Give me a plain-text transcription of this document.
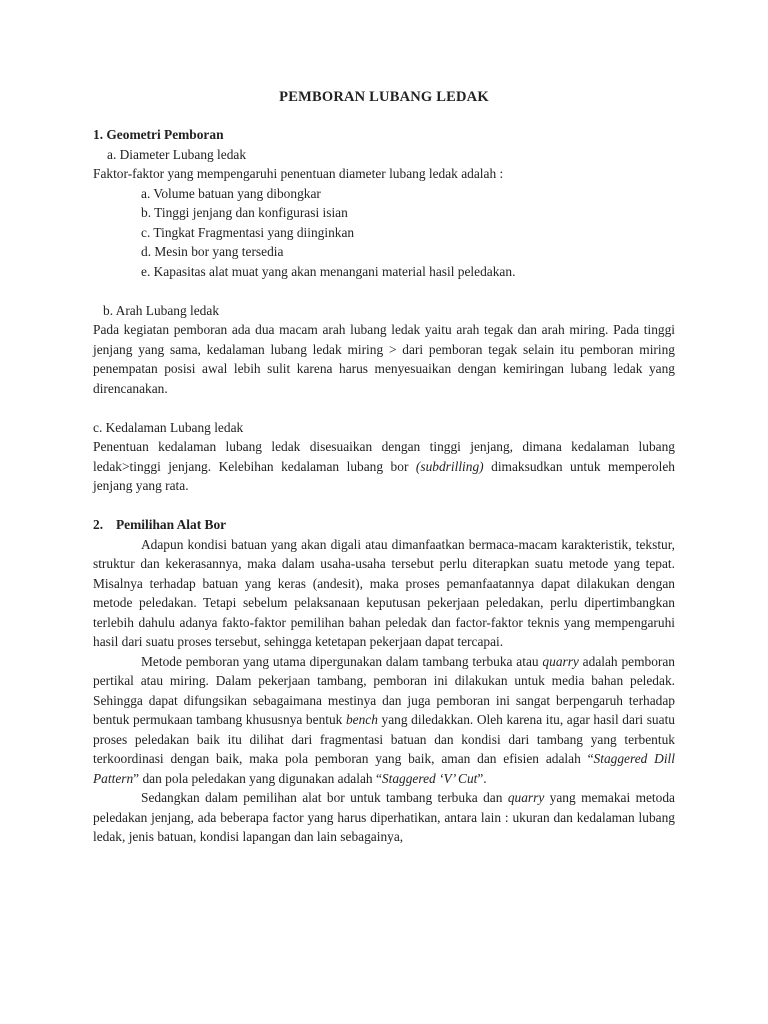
PEMBORAN LUBANG LEDAK
1. Geometri Pemboran
a. Diameter Lubang ledak
Faktor-faktor yang mempengaruhi penentuan diameter lubang ledak adalah :
a. Volume batuan yang dibongkar
b. Tinggi jenjang dan konfigurasi isian
c. Tingkat Fragmentasi yang diinginkan
d. Mesin bor yang tersedia
e. Kapasitas alat muat yang akan menangani material hasil peledakan.
b. Arah Lubang ledak

Pada kegiatan pemboran ada dua macam arah lubang ledak yaitu arah tegak dan arah miring. Pada tinggi jenjang yang sama, kedalaman lubang ledak miring > dari pemboran tegak selain itu pemboran miring penempatan posisi awal lebih sulit karena harus menyesuaikan dengan kemiringan lubang ledak yang direncanakan.

c. Kedalaman Lubang ledak

Penentuan kedalaman lubang ledak disesuaikan dengan tinggi jenjang, dimana kedalaman lubang ledak>tinggi jenjang. Kelebihan kedalaman lubang bor (subdrilling) dimaksudkan untuk memperoleh jenjang yang rata.

2. Pemilihan Alat Bor

Adapun kondisi batuan yang akan digali atau dimanfaatkan bermaca-macam karakteristik, tekstur, struktur dan kekerasannya, maka dalam usaha-usaha tersebut perlu diterapkan suatu metode yang tepat. Misalnya terhadap batuan yang keras (andesit), maka proses pemanfaatannya dapat dilakukan dengan metode peledakan. Tetapi sebelum pelaksanaan keputusan pekerjaan peledakan, perlu dipertimbangkan terlebih dahulu adanya fakto-faktor pemilihan bahan peledak dan factor-faktor teknis yang mempengaruhi hasil dari suatu proses tersebut, sehingga ketetapan pekerjaan dapat tercapai.

Metode pemboran yang utama dipergunakan dalam tambang terbuka atau quarry adalah pemboran pertikal atau miring. Dalam pekerjaan tambang, pemboran ini dilakukan untuk media bahan peledak. Sehingga dapat difungsikan sebagaimana mestinya dan juga pemboran ini sangat berpengaruh terhadap bentuk permukaan tambang khususnya bentuk bench yang diledakkan. Oleh karena itu, agar hasil dari suatu proses peledakan baik itu dilihat dari fragmentasi batuan dan kondisi dari tambang yang terbentuk terkoordinasi dengan baik, maka pola pemboran yang baik, aman dan efisien adalah “Staggered Dill Pattern” dan pola peledakan yang digunakan adalah “Staggered ‘V’ Cut”.

Sedangkan dalam pemilihan alat bor untuk tambang terbuka dan quarry yang memakai metoda peledakan jenjang, ada beberapa factor yang harus diperhatikan, antara lain : ukuran dan kedalaman lubang ledak, jenis batuan, kondisi lapangan dan lain sebagainya,
